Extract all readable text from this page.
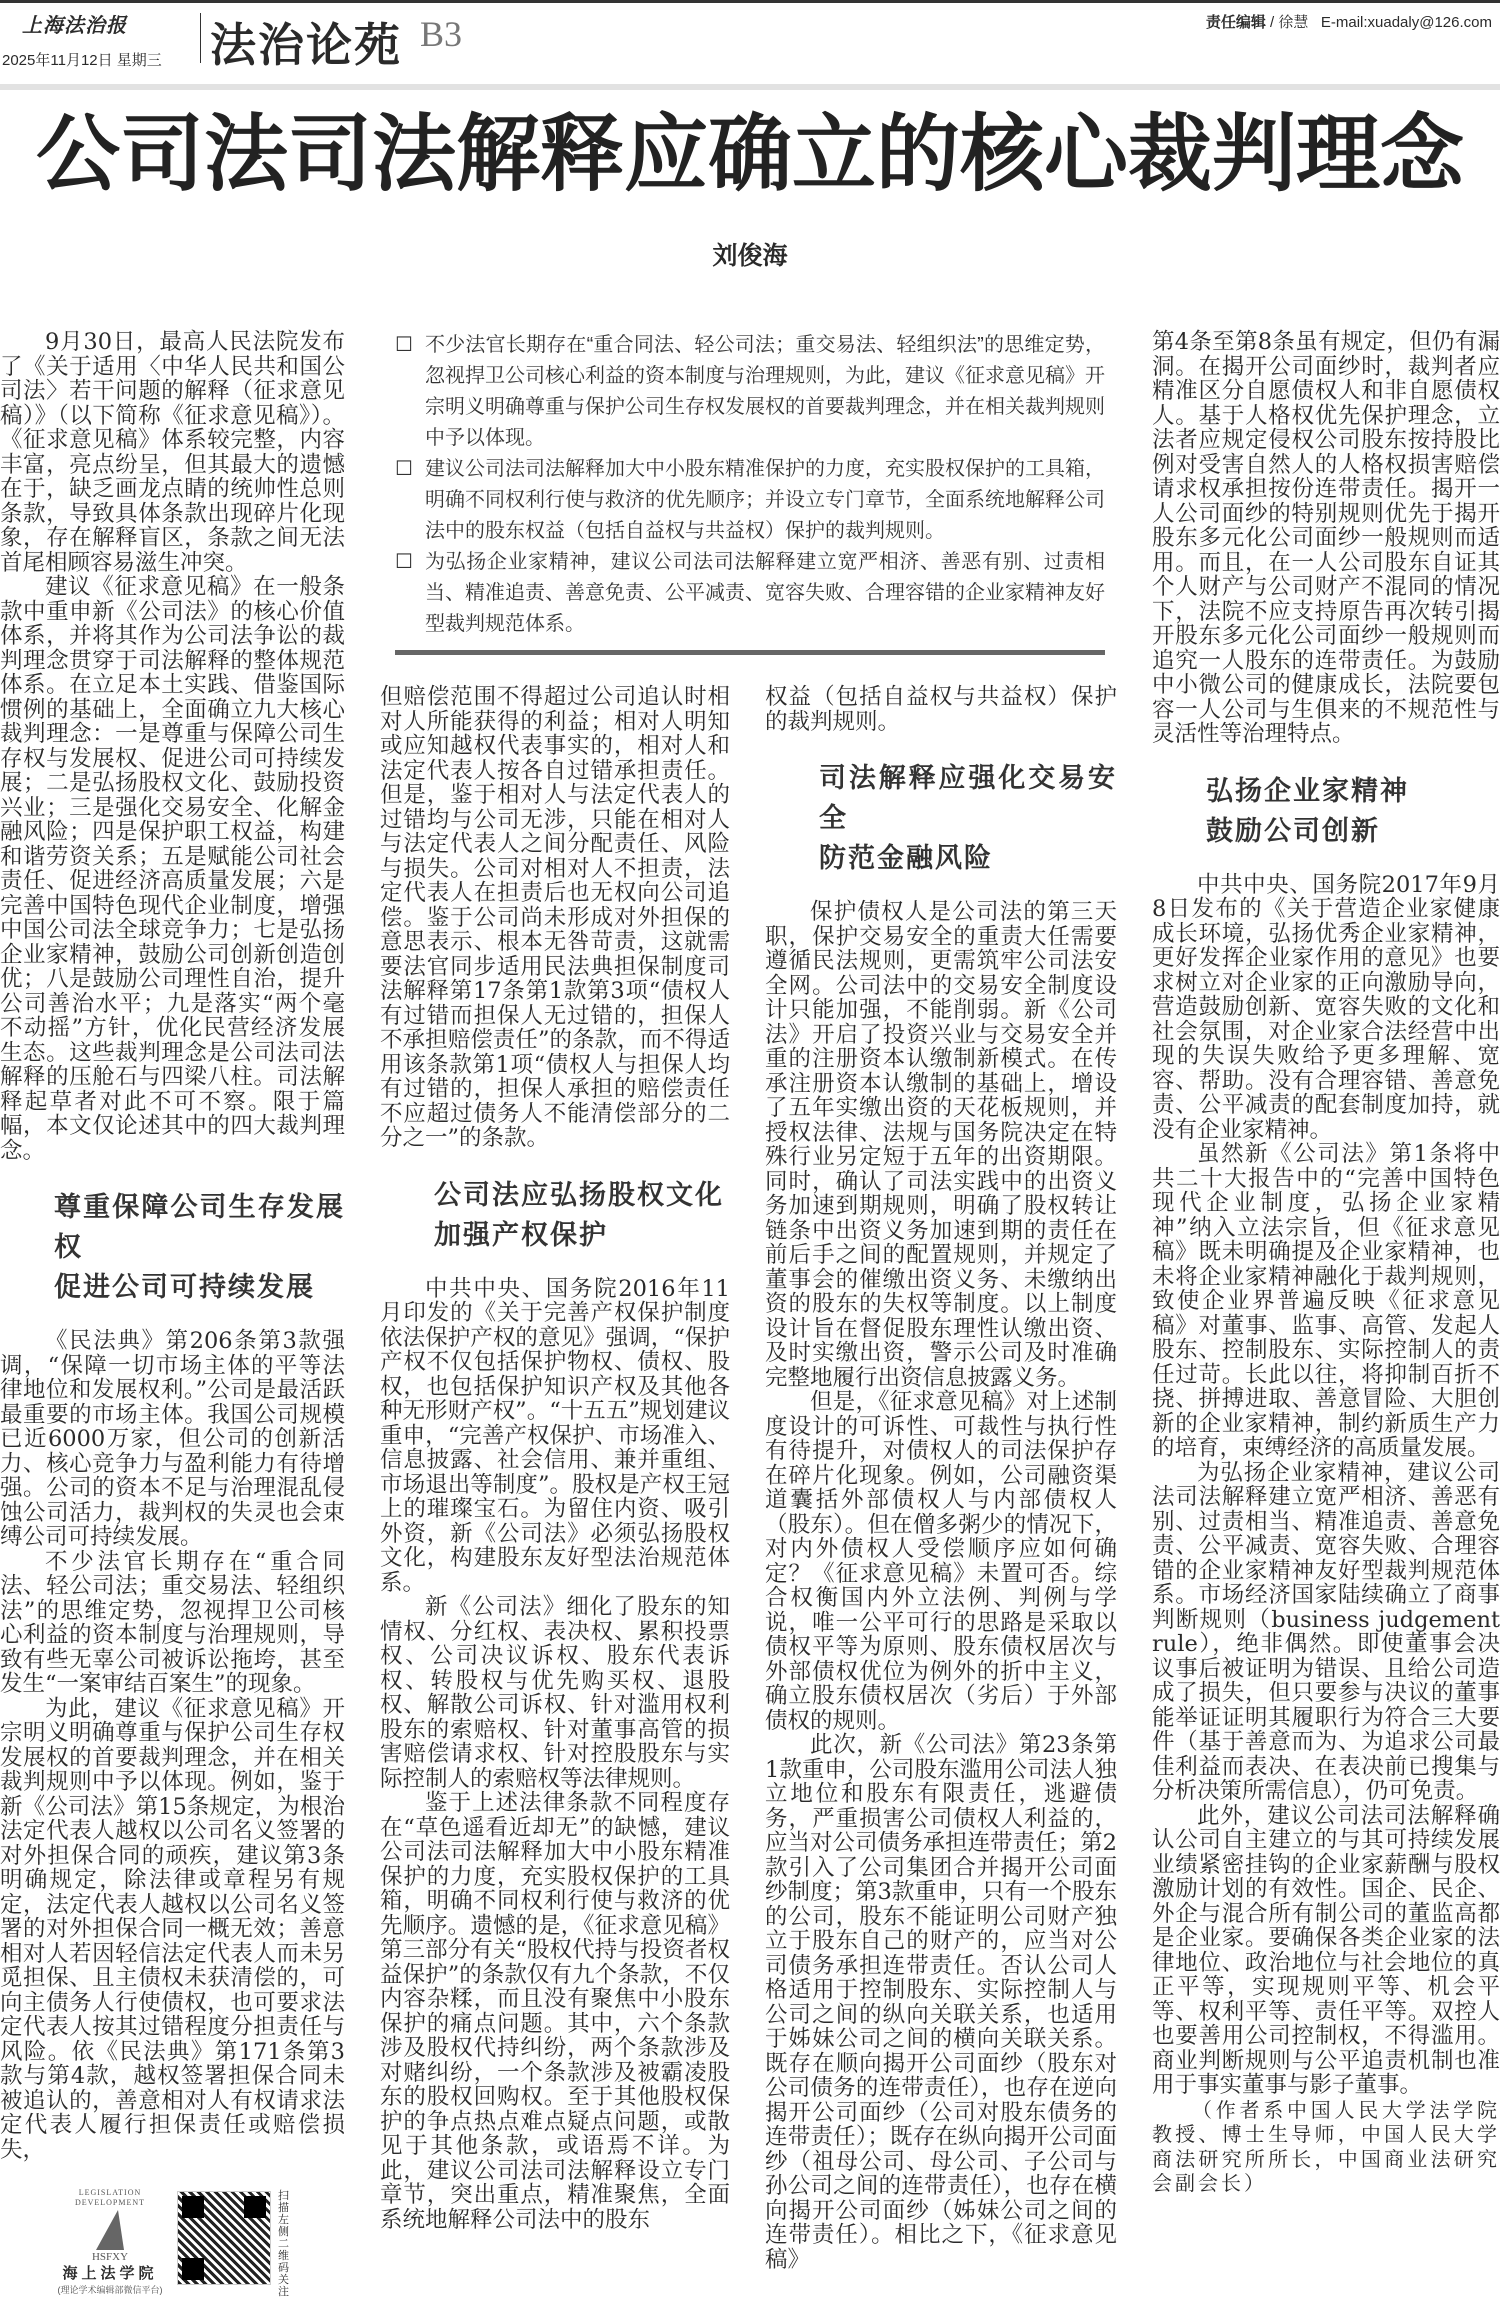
上海法治报
2025年11月12日 星期三 法治论苑 B3	责任编辑 / 徐慧 E-mail:xuadaly@126.com
公司法司法解释应确立的核心裁判理念
刘俊海

9月30日，最高人民法院发布了《关于适用〈中华人民共和国公司法〉若干问题的解释（征求意见稿）》（以下简称《征求意见稿》）。《征求意见稿》体系较完整，内容丰富，亮点纷呈，但其最大的遗憾在于，缺乏画龙点睛的统帅性总则条款，导致具体条款出现碎片化现象，存在解释盲区，条款之间无法首尾相顾容易滋生冲突。

建议《征求意见稿》在一般条款中重申新《公司法》的核心价值体系，并将其作为公司法争讼的裁判理念贯穿于司法解释的整体规范体系。在立足本土实践、借鉴国际惯例的基础上，全面确立九大核心裁判理念：一是尊重与保障公司生存权与发展权、促进公司可持续发展；二是弘扬股权文化、鼓励投资兴业；三是强化交易安全、化解金融风险；四是保护职工权益，构建和谐劳资关系；五是赋能公司社会责任、促进经济高质量发展；六是完善中国特色现代企业制度，增强中国公司法全球竞争力；七是弘扬企业家精神，鼓励公司创新创造创优；八是鼓励公司理性自治，提升公司善治水平；九是落实“两个毫不动摇”方针，优化民营经济发展生态。这些裁判理念是公司法司法解释的压舱石与四梁八柱。司法解释起草者对此不可不察。限于篇幅，本文仅论述其中的四大裁判理念。

尊重保障公司生存发展权
促进公司可持续发展

《民法典》第206条第3款强调，“保障一切市场主体的平等法律地位和发展权利。”公司是最活跃最重要的市场主体。我国公司规模已近6000万家，但公司的创新活力、核心竞争力与盈利能力有待增强。公司的资本不足与治理混乱侵蚀公司活力，裁判权的失灵也会束缚公司可持续发展。

不少法官长期存在“重合同法、轻公司法；重交易法、轻组织法”的思维定势，忽视捍卫公司核心利益的资本制度与治理规则，导致有些无辜公司被诉讼拖垮，甚至发生“一案审结百案生”的现象。

为此，建议《征求意见稿》开宗明义明确尊重与保护公司生存权发展权的首要裁判理念，并在相关裁判规则中予以体现。例如，鉴于新《公司法》第15条规定，为根治法定代表人越权以公司名义签署的对外担保合同的顽疾，建议第3条明确规定，除法律或章程另有规定，法定代表人越权以公司名义签署的对外担保合同一概无效；善意相对人若因轻信法定代表人而未另觅担保、且主债权未获清偿的，可向主债务人行使债权，也可要求法定代表人按其过错程度分担责任与风险。依《民法典》第171条第3款与第4款，越权签署担保合同未被追认的，善意相对人有权请求法定代表人履行担保责任或赔偿损失，

LEGISLATION DEVELOPMENT
HSFXY
海上法学院
(理论学术编辑部微信平台)
扫描左侧二维码关注
☐ 不少法官长期存在“重合同法、轻公司法；重交易法、轻组织法”的思维定势，忽视捍卫公司核心利益的资本制度与治理规则，为此，建议《征求意见稿》开宗明义明确尊重与保护公司生存权发展权的首要裁判理念，并在相关裁判规则中予以体现。
☐ 建议公司法司法解释加大中小股东精准保护的力度，充实股权保护的工具箱，明确不同权利行使与救济的优先顺序；并设立专门章节，全面系统地解释公司法中的股东权益（包括自益权与共益权）保护的裁判规则。
☐ 为弘扬企业家精神，建议公司法司法解释建立宽严相济、善恶有别、过责相当、精准追责、善意免责、公平减责、宽容失败、合理容错的企业家精神友好型裁判规范体系。

但赔偿范围不得超过公司追认时相对人所能获得的利益；相对人明知或应知越权代表事实的，相对人和法定代表人按各自过错承担责任。但是，鉴于相对人与法定代表人的过错均与公司无涉，只能在相对人与法定代表人之间分配责任、风险与损失。公司对相对人不担责，法定代表人在担责后也无权向公司追偿。鉴于公司尚未形成对外担保的意思表示、根本无咎苛责，这就需要法官同步适用民法典担保制度司法解释第17条第1款第3项“债权人有过错而担保人无过错的，担保人不承担赔偿责任”的条款，而不得适用该条款第1项“债权人与担保人均有过错的，担保人承担的赔偿责任不应超过债务人不能清偿部分的二分之一”的条款。

公司法应弘扬股权文化
加强产权保护

中共中央、国务院2016年11月印发的《关于完善产权保护制度依法保护产权的意见》强调，“保护产权不仅包括保护物权、债权、股权，也包括保护知识产权及其他各种无形财产权”。“十五五”规划建议重申，“完善产权保护、市场准入、信息披露、社会信用、兼并重组、市场退出等制度”。股权是产权王冠上的璀璨宝石。为留住内资、吸引外资，新《公司法》必须弘扬股权文化，构建股东友好型法治规范体系。

新《公司法》细化了股东的知情权、分红权、表决权、累积投票权、公司决议诉权、股东代表诉权、转股权与优先购买权、退股权、解散公司诉权、针对滥用权利股东的索赔权、针对董事高管的损害赔偿请求权、针对控股股东与实际控制人的索赔权等法律规则。

鉴于上述法律条款不同程度存在“草色遥看近却无”的缺憾，建议公司法司法解释加大中小股东精准保护的力度，充实股权保护的工具箱，明确不同权利行使与救济的优先顺序。遗憾的是，《征求意见稿》第三部分有关“股权代持与投资者权益保护”的条款仅有九个条款，不仅内容杂糅，而且没有聚焦中小股东保护的痛点问题。其中，六个条款涉及股权代持纠纷，两个条款涉及对赌纠纷，一个条款涉及被霸凌股东的股权回购权。至于其他股权保护的争点热点难点疑点问题，或散见于其他条款，或语焉不详。为此，建议公司法司法解释设立专门章节，突出重点，精准聚焦，全面系统地解释公司法中的股东

权益（包括自益权与共益权）保护的裁判规则。

司法解释应强化交易安全
防范金融风险

保护债权人是公司法的第三天职，保护交易安全的重责大任需要遵循民法规则，更需筑牢公司法安全网。公司法中的交易安全制度设计只能加强，不能削弱。新《公司法》开启了投资兴业与交易安全并重的注册资本认缴制新模式。在传承注册资本认缴制的基础上，增设了五年实缴出资的天花板规则，并授权法律、法规与国务院决定在特殊行业另定短于五年的出资期限。同时，确认了司法实践中的出资义务加速到期规则，明确了股权转让链条中出资义务加速到期的责任在前后手之间的配置规则，并规定了董事会的催缴出资义务、未缴纳出资的股东的失权等制度。以上制度设计旨在督促股东理性认缴出资、及时实缴出资，警示公司及时准确完整地履行出资信息披露义务。

但是，《征求意见稿》对上述制度设计的可诉性、可裁性与执行性有待提升，对债权人的司法保护存在碎片化现象。例如，公司融资渠道囊括外部债权人与内部债权人（股东）。但在僧多粥少的情况下，对内外债权人受偿顺序应如何确定？《征求意见稿》未置可否。综合权衡国内外立法例、判例与学说，唯一公平可行的思路是采取以债权平等为原则、股东债权居次与外部债权优位为例外的折中主义，确立股东债权居次（劣后）于外部债权的规则。

此次，新《公司法》第23条第1款重申，公司股东滥用公司法人独立地位和股东有限责任，逃避债务，严重损害公司债权人利益的，应当对公司债务承担连带责任；第2款引入了公司集团合并揭开公司面纱制度；第3款重申，只有一个股东的公司，股东不能证明公司财产独立于股东自己的财产的，应当对公司债务承担连带责任。否认公司人格适用于控制股东、实际控制人与公司之间的纵向关联关系，也适用于姊妹公司之间的横向关联关系。既存在顺向揭开公司面纱（股东对公司债务的连带责任），也存在逆向揭开公司面纱（公司对股东债务的连带责任）；既存在纵向揭开公司面纱（祖母公司、母公司、子公司与孙公司之间的连带责任），也存在横向揭开公司面纱（姊妹公司之间的连带责任）。相比之下，《征求意见稿》

第4条至第8条虽有规定，但仍有漏洞。在揭开公司面纱时，裁判者应精准区分自愿债权人和非自愿债权人。基于人格权优先保护理念，立法者应规定侵权公司股东按持股比例对受害自然人的人格权损害赔偿请求权承担按份连带责任。揭开一人公司面纱的特别规则优先于揭开股东多元化公司面纱一般规则而适用。而且，在一人公司股东自证其个人财产与公司财产不混同的情况下，法院不应支持原告再次转引揭开股东多元化公司面纱一般规则而追究一人股东的连带责任。为鼓励中小微公司的健康成长，法院要包容一人公司与生俱来的不规范性与灵活性等治理特点。

弘扬企业家精神
鼓励公司创新

中共中央、国务院2017年9月8日发布的《关于营造企业家健康成长环境，弘扬优秀企业家精神，更好发挥企业家作用的意见》也要求树立对企业家的正向激励导向，营造鼓励创新、宽容失败的文化和社会氛围，对企业家合法经营中出现的失误失败给予更多理解、宽容、帮助。没有合理容错、善意免责、公平减责的配套制度加持，就没有企业家精神。

虽然新《公司法》第1条将中共二十大报告中的“完善中国特色现代企业制度，弘扬企业家精神”纳入立法宗旨，但《征求意见稿》既未明确提及企业家精神，也未将企业家精神融化于裁判规则，致使企业界普遍反映《征求意见稿》对董事、监事、高管、发起人股东、控制股东、实际控制人的责任过苛。长此以往，将抑制百折不挠、拼搏进取、善意冒险、大胆创新的企业家精神，制约新质生产力的培育，束缚经济的高质量发展。

为弘扬企业家精神，建议公司法司法解释建立宽严相济、善恶有别、过责相当、精准追责、善意免责、公平减责、宽容失败、合理容错的企业家精神友好型裁判规范体系。市场经济国家陆续确立了商事判断规则（business judgement rule），绝非偶然。即使董事会决议事后被证明为错误、且给公司造成了损失，但只要参与决议的董事能举证证明其履职行为符合三大要件（基于善意而为、为追求公司最佳利益而表决、在表决前已搜集与分析决策所需信息），仍可免责。

此外，建议公司法司法解释确认公司自主建立的与其可持续发展业绩紧密挂钩的企业家薪酬与股权激励计划的有效性。国企、民企、外企与混合所有制公司的董监高都是企业家。要确保各类企业家的法律地位、政治地位与社会地位的真正平等，实现规则平等、机会平等、权利平等、责任平等。双控人也要善用公司控制权，不得滥用。商业判断规则与公平追责机制也准用于事实董事与影子董事。

（作者系中国人民大学法学院教授、博士生导师，中国人民大学商法研究所所长，中国商业法研究会副会长）
